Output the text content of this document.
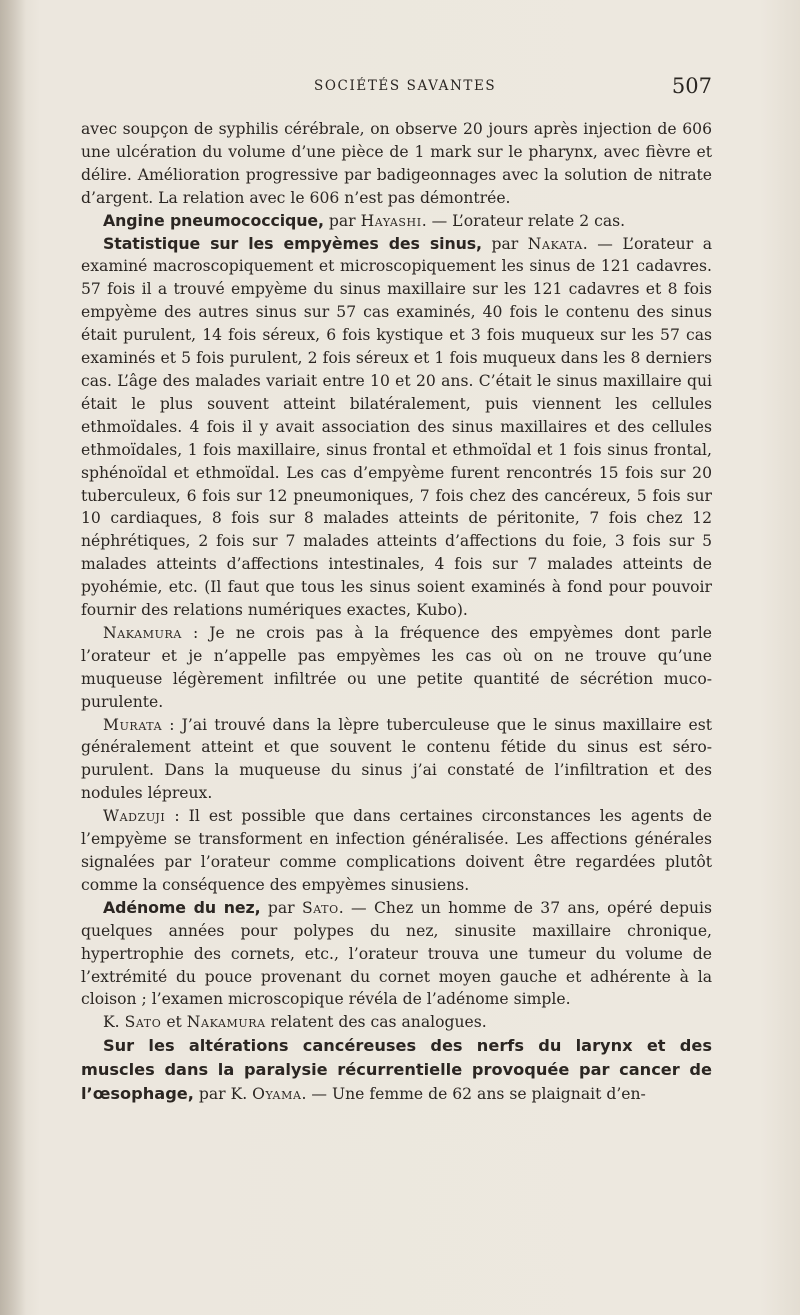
SOCIÉTÉS SAVANTES	507

avec soupçon de syphilis cérébrale, on observe 20 jours après injection de 606 une ulcération du volume d’une pièce de 1 mark sur le pharynx, avec fièvre et délire. Amélioration progressive par badigeonnages avec la solution de nitrate d’argent. La relation avec le 606 n’est pas démontrée.

Angine pneumococcique, par Hayashi. — L’orateur relate 2 cas.

Statistique sur les empyèmes des sinus, par Nakata. — L’orateur a examiné macroscopiquement et microscopiquement les sinus de 121 cadavres. 57 fois il a trouvé empyème du sinus maxillaire sur les 121 cadavres et 8 fois empyème des autres sinus sur 57 cas examinés, 40 fois le contenu des sinus était purulent, 14 fois séreux, 6 fois kystique et 3 fois muqueux sur les 57 cas examinés et 5 fois purulent, 2 fois séreux et 1 fois muqueux dans les 8 derniers cas. L’âge des malades variait entre 10 et 20 ans. C’était le sinus maxillaire qui était le plus souvent atteint bilatéralement, puis viennent les cellules ethmoïdales. 4 fois il y avait association des sinus maxillaires et des cellules ethmoïdales, 1 fois maxillaire, sinus frontal et ethmoïdal et 1 fois sinus frontal, sphénoïdal et ethmoïdal. Les cas d’empyème furent rencontrés 15 fois sur 20 tuberculeux, 6 fois sur 12 pneumoniques, 7 fois chez des cancéreux, 5 fois sur 10 cardiaques, 8 fois sur 8 malades atteints de péritonite, 7 fois chez 12 néphrétiques, 2 fois sur 7 malades atteints d’affections du foie, 3 fois sur 5 malades atteints d’affections intestinales, 4 fois sur 7 malades atteints de pyohémie, etc. (Il faut que tous les sinus soient examinés à fond pour pouvoir fournir des relations numériques exactes, Kubo).

Nakamura : Je ne crois pas à la fréquence des empyèmes dont parle l’orateur et je n’appelle pas empyèmes les cas où on ne trouve qu’une muqueuse légèrement infiltrée ou une petite quantité de sécrétion muco-purulente.

Murata : J’ai trouvé dans la lèpre tuberculeuse que le sinus maxillaire est généralement atteint et que souvent le contenu fétide du sinus est séro-purulent. Dans la muqueuse du sinus j’ai constaté de l’infiltration et des nodules lépreux.

Wadzuji : Il est possible que dans certaines circonstances les agents de l’empyème se transforment en infection généralisée. Les affections générales signalées par l’orateur comme complications doivent être regardées plutôt comme la conséquence des empyèmes sinusiens.

Adénome du nez, par Sato. — Chez un homme de 37 ans, opéré depuis quelques années pour polypes du nez, sinusite maxillaire chronique, hypertrophie des cornets, etc., l’orateur trouva une tumeur du volume de l’extrémité du pouce provenant du cornet moyen gauche et adhérente à la cloison ; l’examen microscopique révéla de l’adénome simple.

K. Sato et Nakamura relatent des cas analogues.

Sur les altérations cancéreuses des nerfs du larynx et des muscles dans la paralysie récurrentielle provoquée par cancer de l’œsophage, par K. Oyama. — Une femme de 62 ans se plaignait d’en-
